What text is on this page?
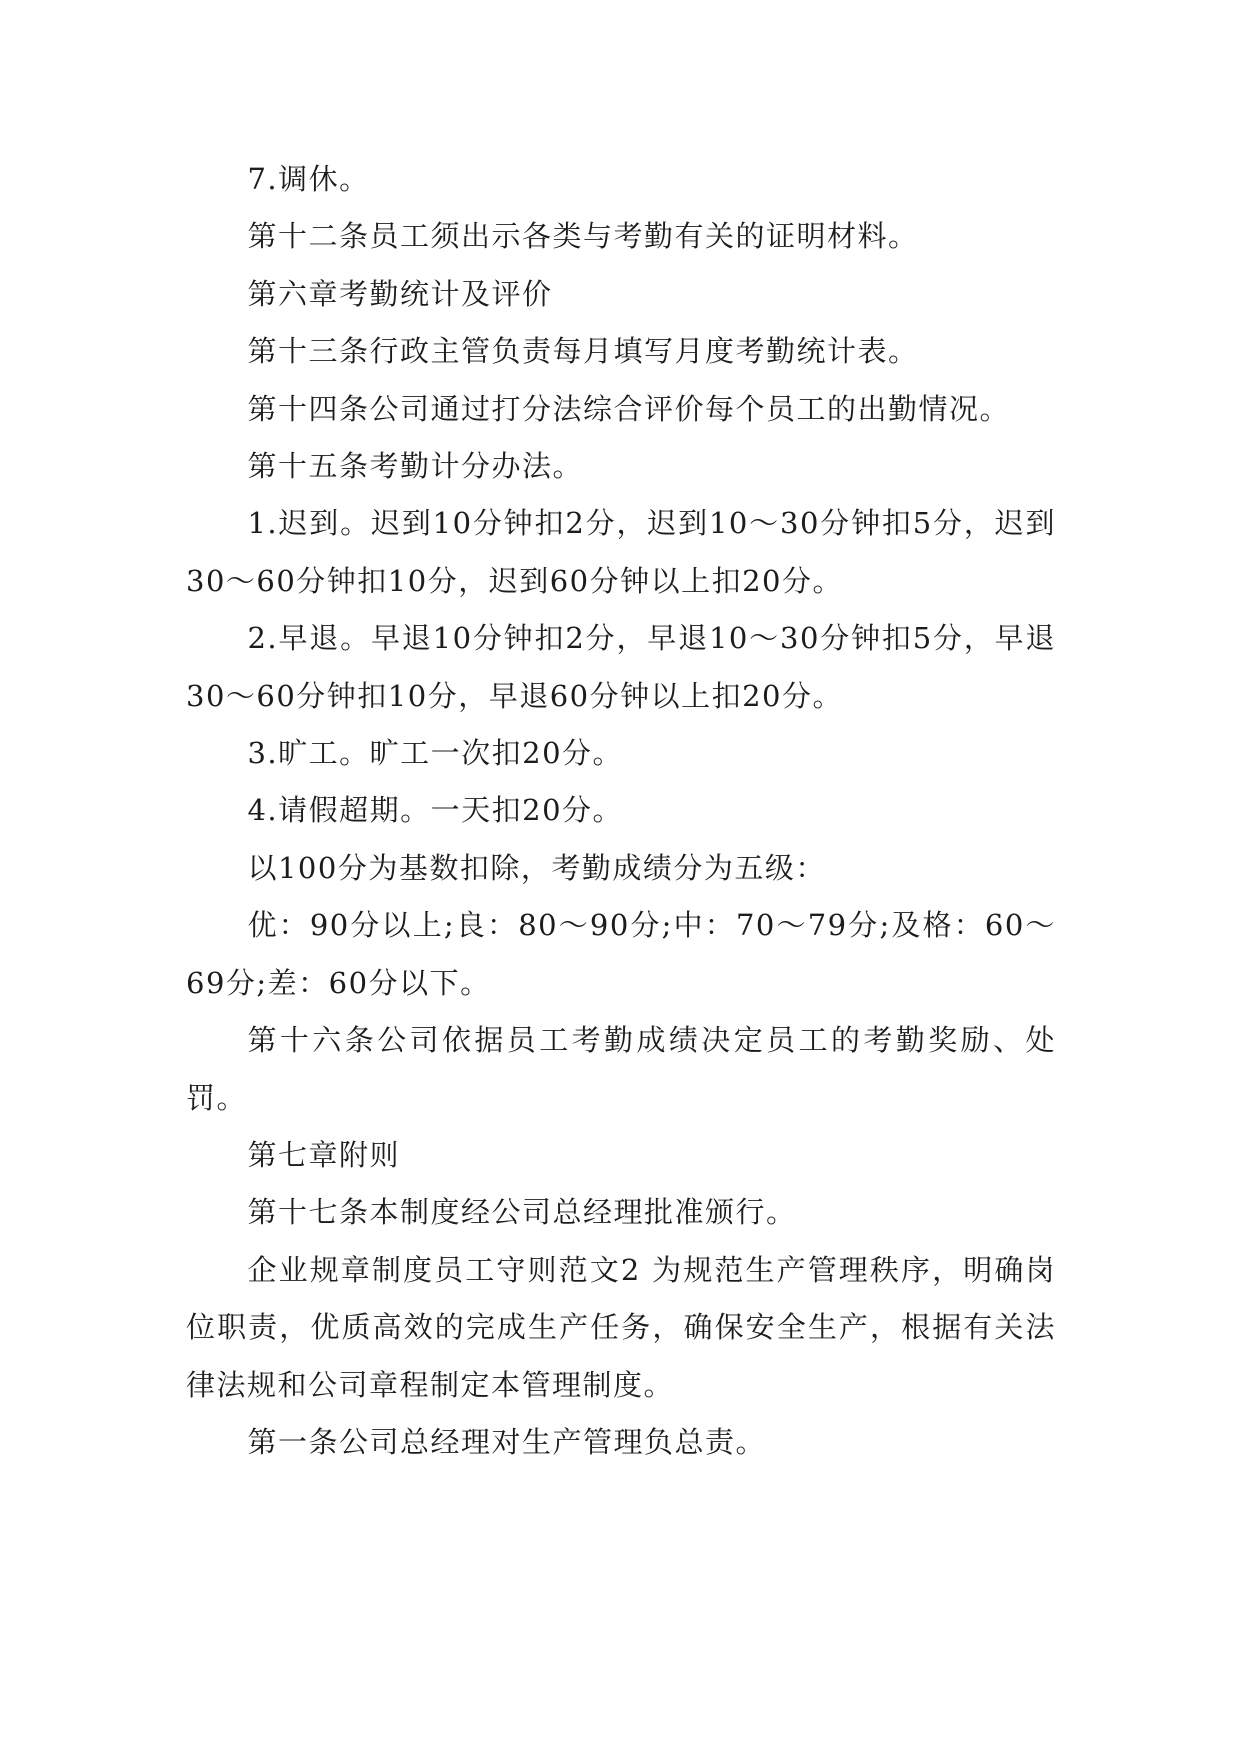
7.调休。

第十二条员工须出示各类与考勤有关的证明材料。

第六章考勤统计及评价

第十三条行政主管负责每月填写月度考勤统计表。

第十四条公司通过打分法综合评价每个员工的出勤情况。

第十五条考勤计分办法。

1.迟到。迟到10分钟扣2分，迟到10～30分钟扣5分，迟到30～60分钟扣10分，迟到60分钟以上扣20分。

2.早退。早退10分钟扣2分，早退10～30分钟扣5分，早退30～60分钟扣10分，早退60分钟以上扣20分。

3.旷工。旷工一次扣20分。

4.请假超期。一天扣20分。

以100分为基数扣除，考勤成绩分为五级：

优：90分以上;良：80～90分;中：70～79分;及格：60～69分;差：60分以下。

第十六条公司依据员工考勤成绩决定员工的考勤奖励、处罚。

第七章附则

第十七条本制度经公司总经理批准颁行。

企业规章制度员工守则范文2 为规范生产管理秩序，明确岗位职责，优质高效的完成生产任务，确保安全生产，根据有关法律法规和公司章程制定本管理制度。

第一条公司总经理对生产管理负总责。
